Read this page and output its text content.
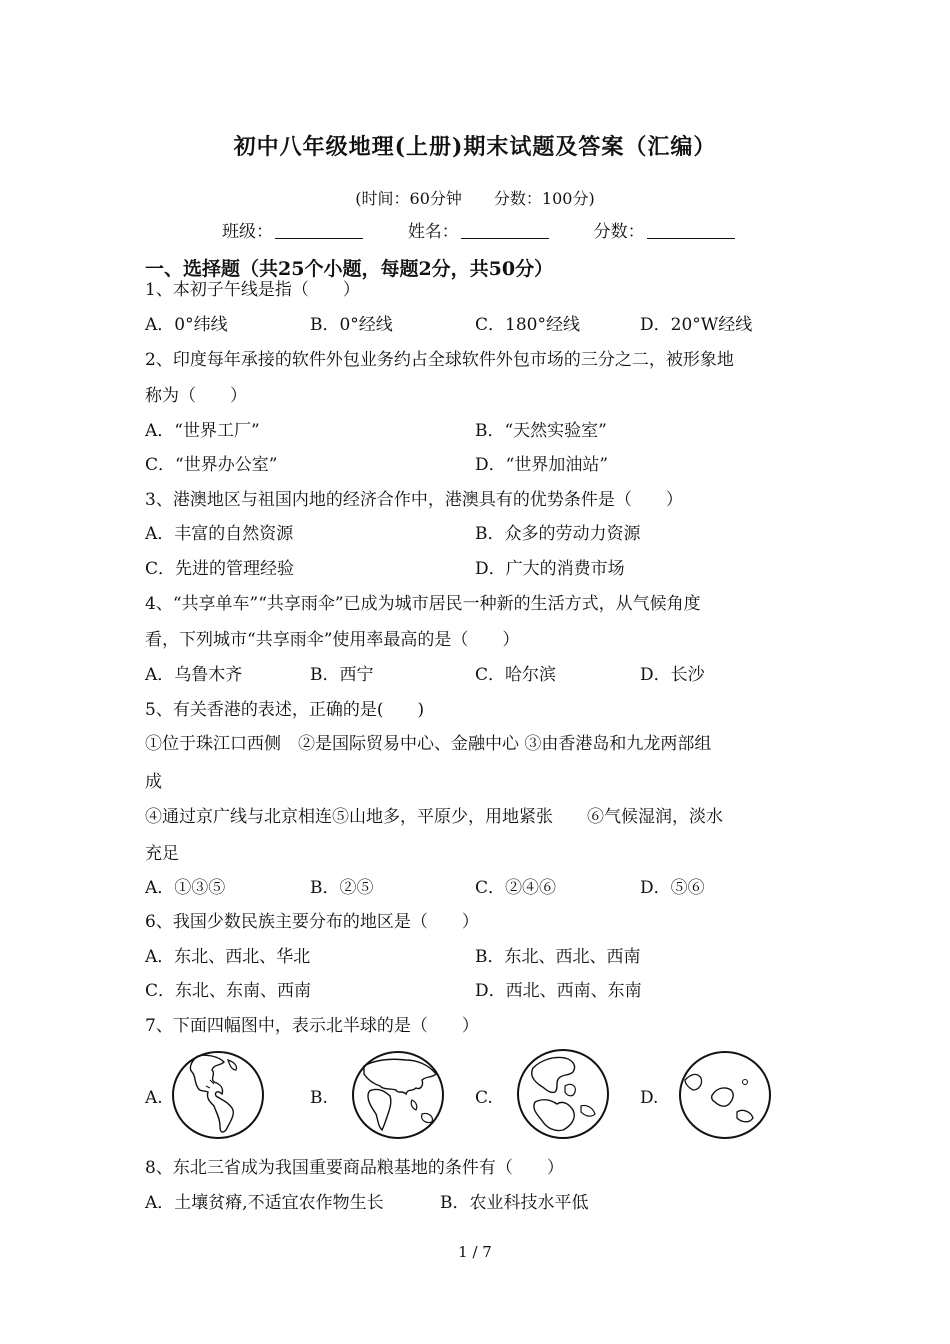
初中八年级地理(上册)期末试题及答案（汇编）
(时间：60分钟　　分数：100分)
班级：	姓名：	分数：
一、选择题（共25个小题，每题2分，共50分）
1、本初子午线是指（　　）
A．0°纬线	B．0°经线	C．180°经线	D．20°W经线
2、印度每年承接的软件外包业务约占全球软件外包市场的三分之二，被形象地
称为（　　）
A．“世界工厂”	B．“天然实验室”
C．“世界办公室”	D．“世界加油站”
3、港澳地区与祖国内地的经济合作中，港澳具有的优势条件是（　　）
A．丰富的自然资源	B．众多的劳动力资源
C．先进的管理经验	D．广大的消费市场
4、“共享单车”“共享雨伞”已成为城市居民一种新的生活方式，从气候角度
看，下列城市“共享雨伞”使用率最高的是（　　）
A．乌鲁木齐	B．西宁	C．哈尔滨	D．长沙
5、有关香港的表述，正确的是(　　)
①位于珠江口西侧　②是国际贸易中心、金融中心 ③由香港岛和九龙两部组
成
④通过京广线与北京相连⑤山地多，平原少，用地紧张　　⑥气候湿润，淡水
充足
A．①③⑤	B．②⑤	C．②④⑥	D．⑤⑥
6、我国少数民族主要分布的地区是（　　）
A．东北、西北、华北	B．东北、西北、西南
C．东北、东南、西南	D．西北、西南、东南
7、下面四幅图中，表示北半球的是（　　）
A.	B.	C.	D.
8、东北三省成为我国重要商品粮基地的条件有（　　）
A．土壤贫瘠,不适宜农作物生长	B．农业科技水平低
1 / 7
